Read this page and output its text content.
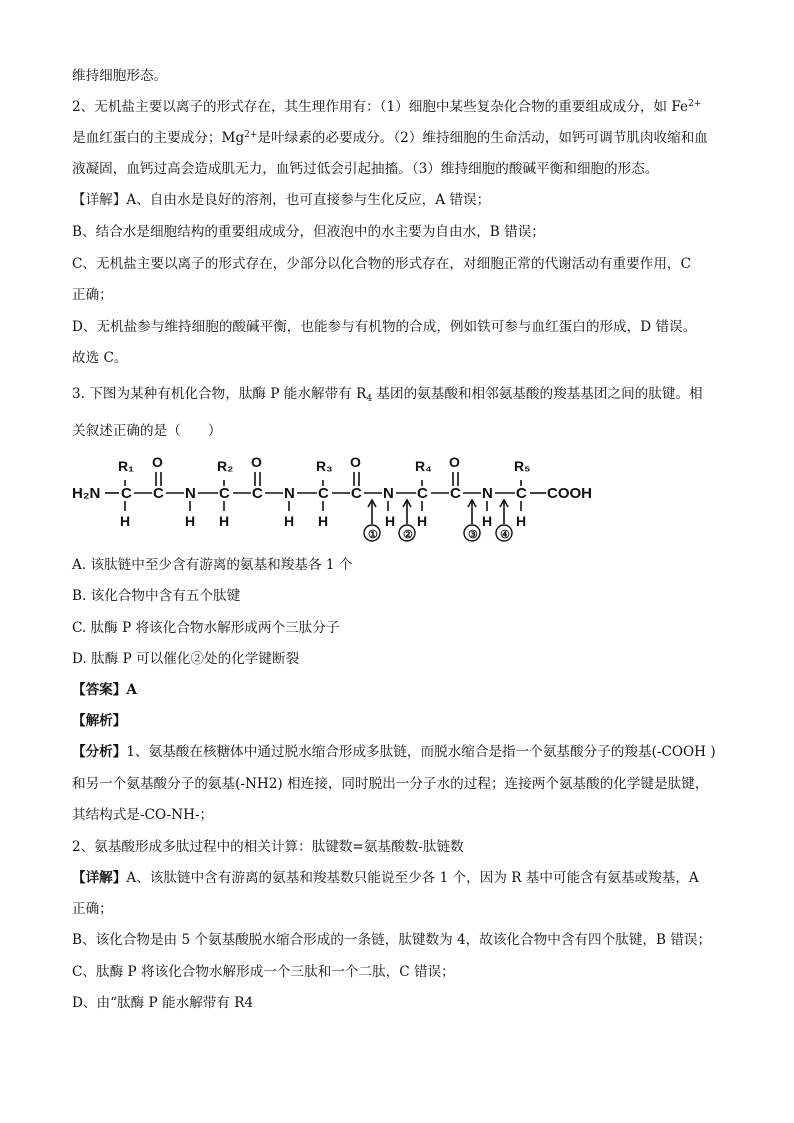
维持细胞形态。
2、无机盐主要以离子的形式存在，其生理作用有：（1）细胞中某些复杂化合物的重要组成成分，如 $Fe^{2+}$
是血红蛋白的主要成分；$Mg^{2+}$是叶绿素的必要成分。（2）维持细胞的生命活动，如钙可调节肌肉收缩和血
液凝固，血钙过高会造成肌无力，血钙过低会引起抽搐。（3）维持细胞的酸碱平衡和细胞的形态。
【详解】A、自由水是良好的溶剂，也可直接参与生化反应，A 错误；
B、结合水是细胞结构的重要组成成分，但液泡中的水主要为自由水，B 错误；
C、无机盐主要以离子的形式存在，少部分以化合物的形式存在，对细胞正常的代谢活动有重要作用，C
正确；
D、无机盐参与维持细胞的酸碱平衡，也能参与有机物的合成，例如铁可参与血红蛋白的形成，D 错误。
故选 C。
3. 下图为某种有机化合物，肽酶 P 能水解带有 $R_4$ 基团的氨基酸和相邻氨基酸的羧基基团之间的肽键。相
关叙述正确的是（　　）
H₂N C
R₁
H
C
O
N
H
C
R₂
H
C
O
N
H
C
R₃
H
C
O
N
H
① ②
C
R₄
H
C
O
N
H
③ ④
C
R₅
H
COOH
A. 该肽链中至少含有游离的氨基和羧基各 1 个
B. 该化合物中含有五个肽键
C. 肽酶 P 将该化合物水解形成两个三肽分子
D. 肽酶 P 可以催化②处的化学键断裂
【答案】A
【解析】
【分析】1、氨基酸在核糖体中通过脱水缩合形成多肽链，而脱水缩合是指一个氨基酸分子的羧基(-COOH )
和另一个氨基酸分子的氨基(-NH2) 相连接，同时脱出一分子水的过程；连接两个氨基酸的化学键是肽键，
其结构式是-CO-NH-；
2、氨基酸形成多肽过程中的相关计算：肽键数=氨基酸数-肽链数
【详解】A、该肽链中含有游离的氨基和羧基数只能说至少各 1 个，因为 R 基中可能含有氨基或羧基，A
正确；
B、该化合物是由 5 个氨基酸脱水缩合形成的一条链，肽键数为 4，故该化合物中含有四个肽键，B 错误；
C、肽酶 P 将该化合物水解形成一个三肽和一个二肽，C 错误；
D、由“肽酶 P 能水解带有 R4
